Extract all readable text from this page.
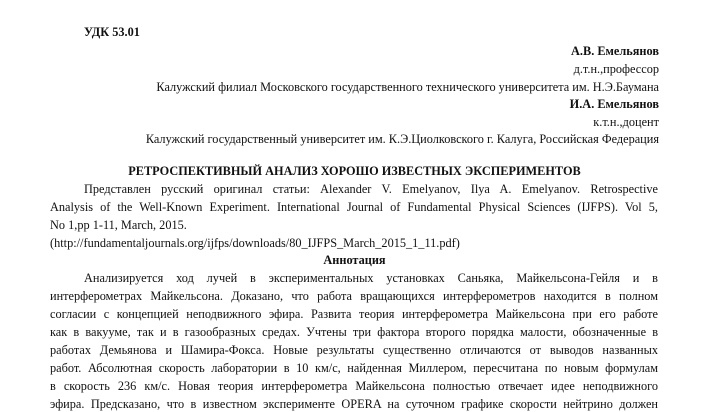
УДК 53.01
А.В. Емельянов
д.т.н.,профессор
Калужский филиал Московского государственного технического университета им. Н.Э.Баумана
И.А. Емельянов
к.т.н.,доцент
Калужский государственный университет им. К.Э.Циолковского г. Калуга, Российская Федерация
РЕТРОСПЕКТИВНЫЙ АНАЛИЗ ХОРОШО ИЗВЕСТНЫХ ЭКСПЕРИМЕНТОВ
Представлен русский оригинал статьи: Alexander V. Emelyanov, Ilya A. Emelyanov. Retrospective
Analysis of the Well-Known Experiment. International Journal of Fundamental Physical Sciences (IJFPS). Vol 5,
No 1,pp 1-11, March, 2015.
(http://fundamentaljournals.org/ijfps/downloads/80_IJFPS_March_2015_1_11.pdf)
Аннотация
Анализируется ход лучей в экспериментальных установках Саньяка, Майкельсона-Гейля и в
интерферометрах Майкельсона. Доказано, что работа вращающихся интерферометров находится в полном
согласии с концепцией неподвижного эфира. Развита теория интерферометра Майкельсона при его работе
как в вакууме, так и в газообразных средах. Учтены три фактора второго порядка малости, обозначенные в
работах Демьянова и Шамира-Фокса. Новые результаты существенно отличаются от выводов названных
работ. Абсолютная скорость лаборатории в 10 км/с, найденная Миллером, пересчитана по новым формулам
в скорость 236 км/с. Новая теория интерферометра Майкельсона полностью отвечает идее неподвижного
эфира. Предсказано, что в известном эксперименте OPERA на суточном графике скорости нейтрино должен
